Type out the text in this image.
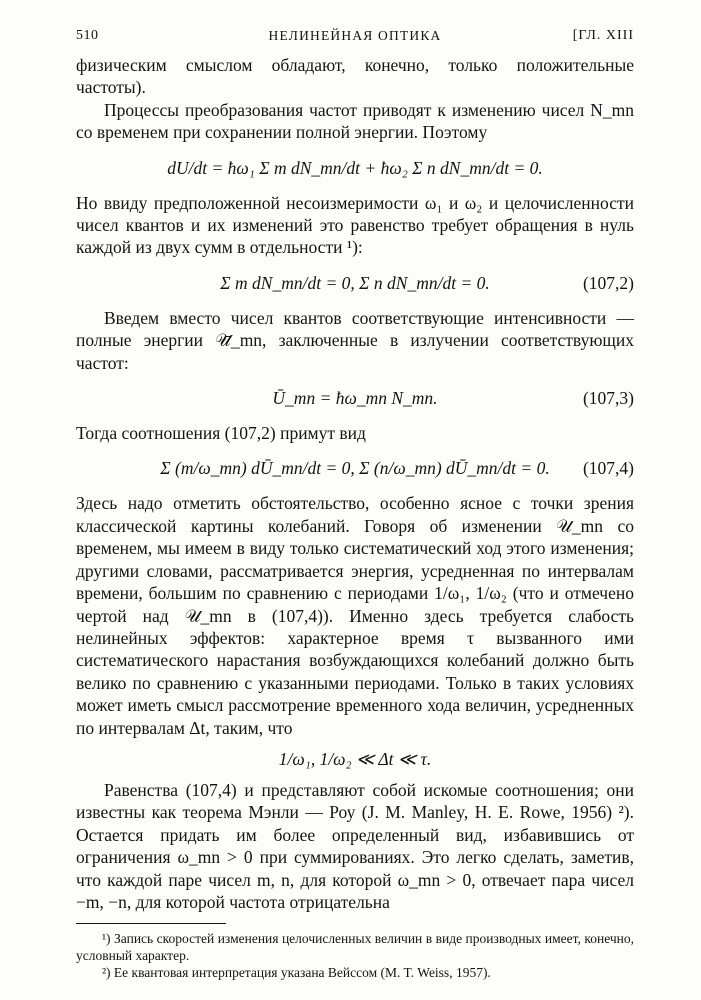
510	НЕЛИНЕЙНАЯ ОПТИКА	[ГЛ. XIII

физическим смыслом обладают, конечно, только положительные частоты).

Процессы преобразования частот приводят к изменению чисел N_mn со временем при сохранении полной энергии. Поэтому

dU/dt = ħω₁ Σ m dN_mn/dt + ħω₂ Σ n dN_mn/dt = 0.

Но ввиду предположенной несоизмеримости ω₁ и ω₂ и целочисленности чисел квантов и их изменений это равенство требует обращения в нуль каждой из двух сумм в отдельности ¹):

Σ m dN_mn/dt = 0, Σ n dN_mn/dt = 0.	(107,2)

Введем вместо чисел квантов соответствующие интенсивности — полные энергии 𝒰̄_mn, заключенные в излучении соответствующих частот:

Ū_mn = ħω_mn N_mn.	(107,3)

Тогда соотношения (107,2) примут вид

Σ (m/ω_mn) dŪ_mn/dt = 0, Σ (n/ω_mn) dŪ_mn/dt = 0.	(107,4)

Здесь надо отметить обстоятельство, особенно ясное с точки зрения классической картины колебаний. Говоря об изменении 𝒰_mn со временем, мы имеем в виду только систематический ход этого изменения; другими словами, рассматривается энергия, усредненная по интервалам времени, большим по сравнению с периодами 1/ω₁, 1/ω₂ (что и отмечено чертой над 𝒰_mn в (107,4)). Именно здесь требуется слабость нелинейных эффектов: характерное время τ вызванного ими систематического нарастания возбуждающихся колебаний должно быть велико по сравнению с указанными периодами. Только в таких условиях может иметь смысл рассмотрение временного хода величин, усредненных по интервалам Δt, таким, что

1/ω₁, 1/ω₂ ≪ Δt ≪ τ.

Равенства (107,4) и представляют собой искомые соотношения; они известны как теорема Мэнли — Роу (J. M. Manley, H. E. Rowe, 1956) ²). Остается придать им более определенный вид, избавившись от ограничения ω_mn > 0 при суммированиях. Это легко сделать, заметив, что каждой паре чисел m, n, для которой ω_mn > 0, отвечает пара чисел −m, −n, для которой частота отрицательна

¹) Запись скоростей изменения целочисленных величин в виде производных имеет, конечно, условный характер.

²) Ее квантовая интерпретация указана Вейссом (M. T. Weiss, 1957).
